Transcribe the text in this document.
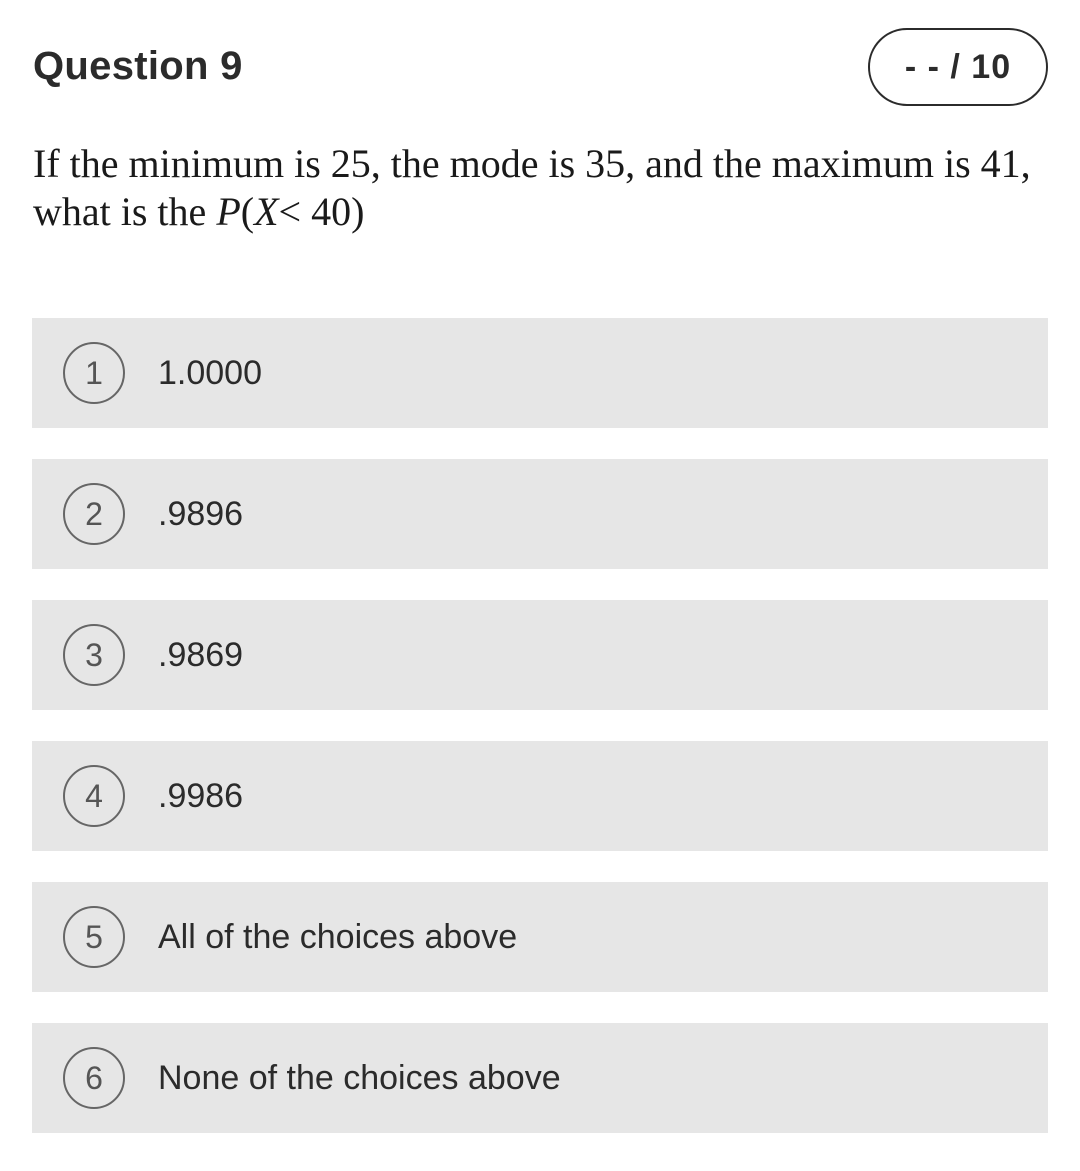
Question 9	- - / 10
If the minimum is 25, the mode is 35, and the maximum is 41, what is the P(X< 40)
1	1.0000
2	.9896
3	.9869
4	.9986
5	All of the choices above
6	None of the choices above
